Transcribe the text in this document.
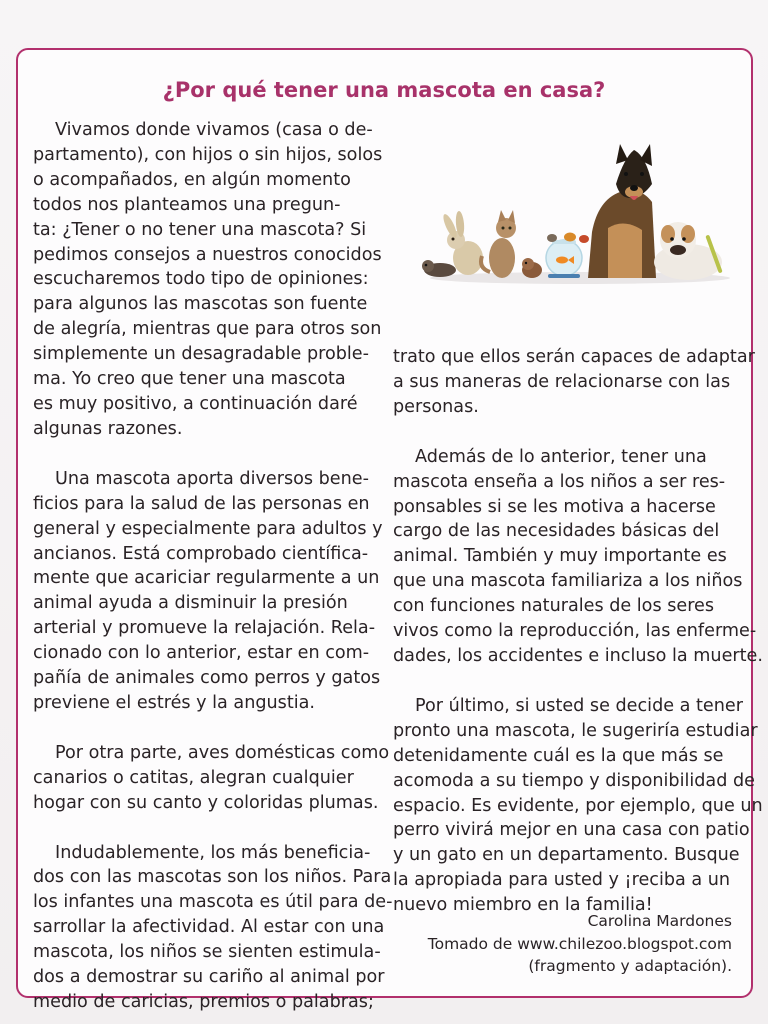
¿Por qué tener una mascota en casa?

Vivamos donde vivamos (casa o de-
partamento), con hijos o sin hijos, solos
o acompañados, en algún momento
todos nos planteamos una pregun-
ta: ¿Tener o no tener una mascota? Si
pedimos consejos a nuestros conocidos
escucharemos todo tipo de opiniones:
para algunos las mascotas son fuente
de alegría, mientras que para otros son
simplemente un desagradable proble-
ma. Yo creo que tener una mascota
es muy positivo, a continuación daré
algunas razones.

Una mascota aporta diversos bene-
ficios para la salud de las personas en
general y especialmente para adultos y
ancianos. Está comprobado científica-
mente que acariciar regularmente a un
animal ayuda a disminuir la presión
arterial y promueve la relajación. Rela-
cionado con lo anterior, estar en com-
pañía de animales como perros y gatos
previene el estrés y la angustia.

Por otra parte, aves domésticas como
canarios o catitas, alegran cualquier
hogar con su canto y coloridas plumas.

Indudablemente, los más beneficia-
dos con las mascotas son los niños. Para
los infantes una mascota es útil para de-
sarrollar la afectividad. Al estar con una
mascota, los niños se sienten estimula-
dos a demostrar su cariño al animal por
medio de caricias, premios o palabras;

trato que ellos serán capaces de adaptar
a sus maneras de relacionarse con las
personas.

Además de lo anterior, tener una
mascota enseña a los niños a ser res-
ponsables si se les motiva a hacerse
cargo de las necesidades básicas del
animal. También y muy importante es
que una mascota familiariza a los niños
con funciones naturales de los seres
vivos como la reproducción, las enferme-
dades, los accidentes e incluso la muerte.

Por último, si usted se decide a tener
pronto una mascota, le sugeriría estudiar
detenidamente cuál es la que más se
acomoda a su tiempo y disponibilidad de
espacio. Es evidente, por ejemplo, que un
perro vivirá mejor en una casa con patio
y un gato en un departamento. Busque
la apropiada para usted y ¡reciba a un
nuevo miembro en la familia!

Carolina Mardones
Tomado de www.chilezoo.blogspot.com
(fragmento y adaptación).
